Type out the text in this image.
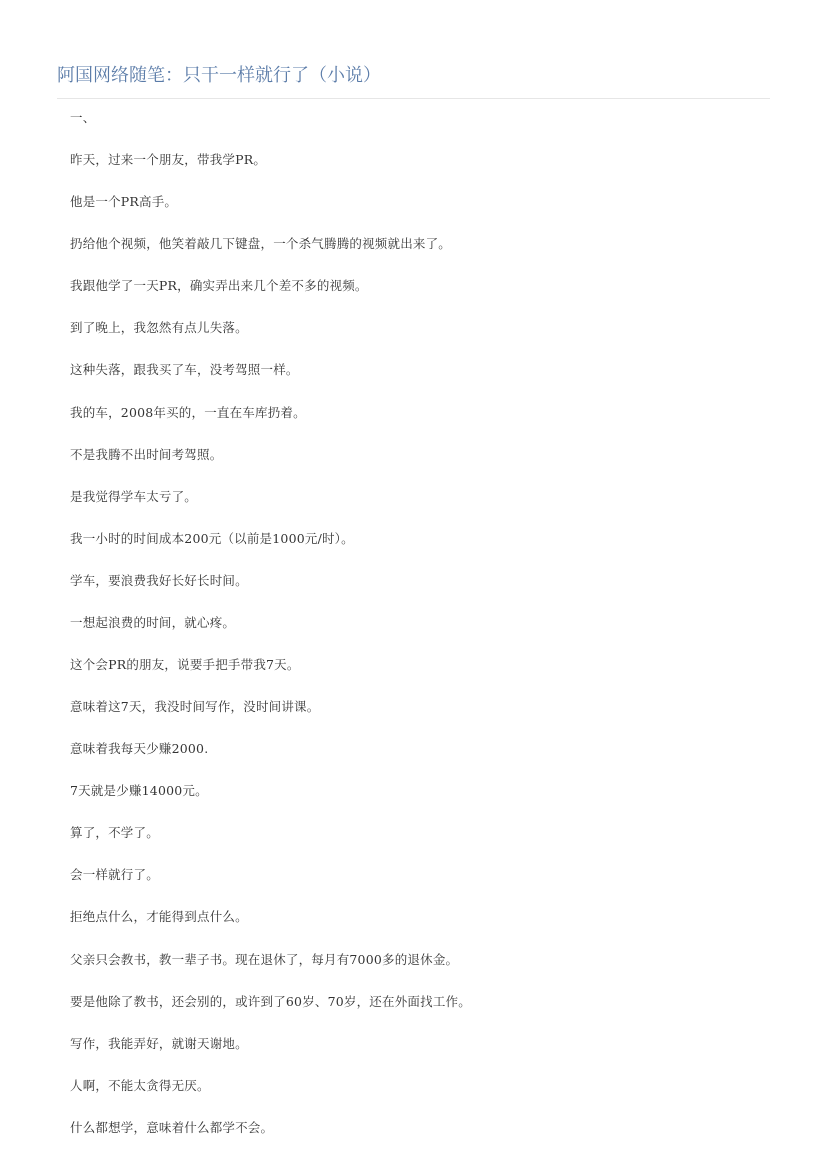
阿国网络随笔：只干一样就行了（小说）
一、
昨天，过来一个朋友，带我学PR。
他是一个PR高手。
扔给他个视频，他笑着敲几下键盘，一个杀气腾腾的视频就出来了。
我跟他学了一天PR，确实弄出来几个差不多的视频。
到了晚上，我忽然有点儿失落。
这种失落，跟我买了车，没考驾照一样。
我的车，2008年买的，一直在车库扔着。
不是我腾不出时间考驾照。
是我觉得学车太亏了。
我一小时的时间成本200元（以前是1000元/时）。
学车，要浪费我好长好长时间。
一想起浪费的时间，就心疼。
这个会PR的朋友，说要手把手带我7天。
意味着这7天，我没时间写作，没时间讲课。
意味着我每天少赚2000.
7天就是少赚14000元。
算了，不学了。
会一样就行了。
拒绝点什么，才能得到点什么。
父亲只会教书，教一辈子书。现在退休了，每月有7000多的退休金。
要是他除了教书，还会别的，或许到了60岁、70岁，还在外面找工作。
写作，我能弄好，就谢天谢地。
人啊，不能太贪得无厌。
什么都想学，意味着什么都学不会。
